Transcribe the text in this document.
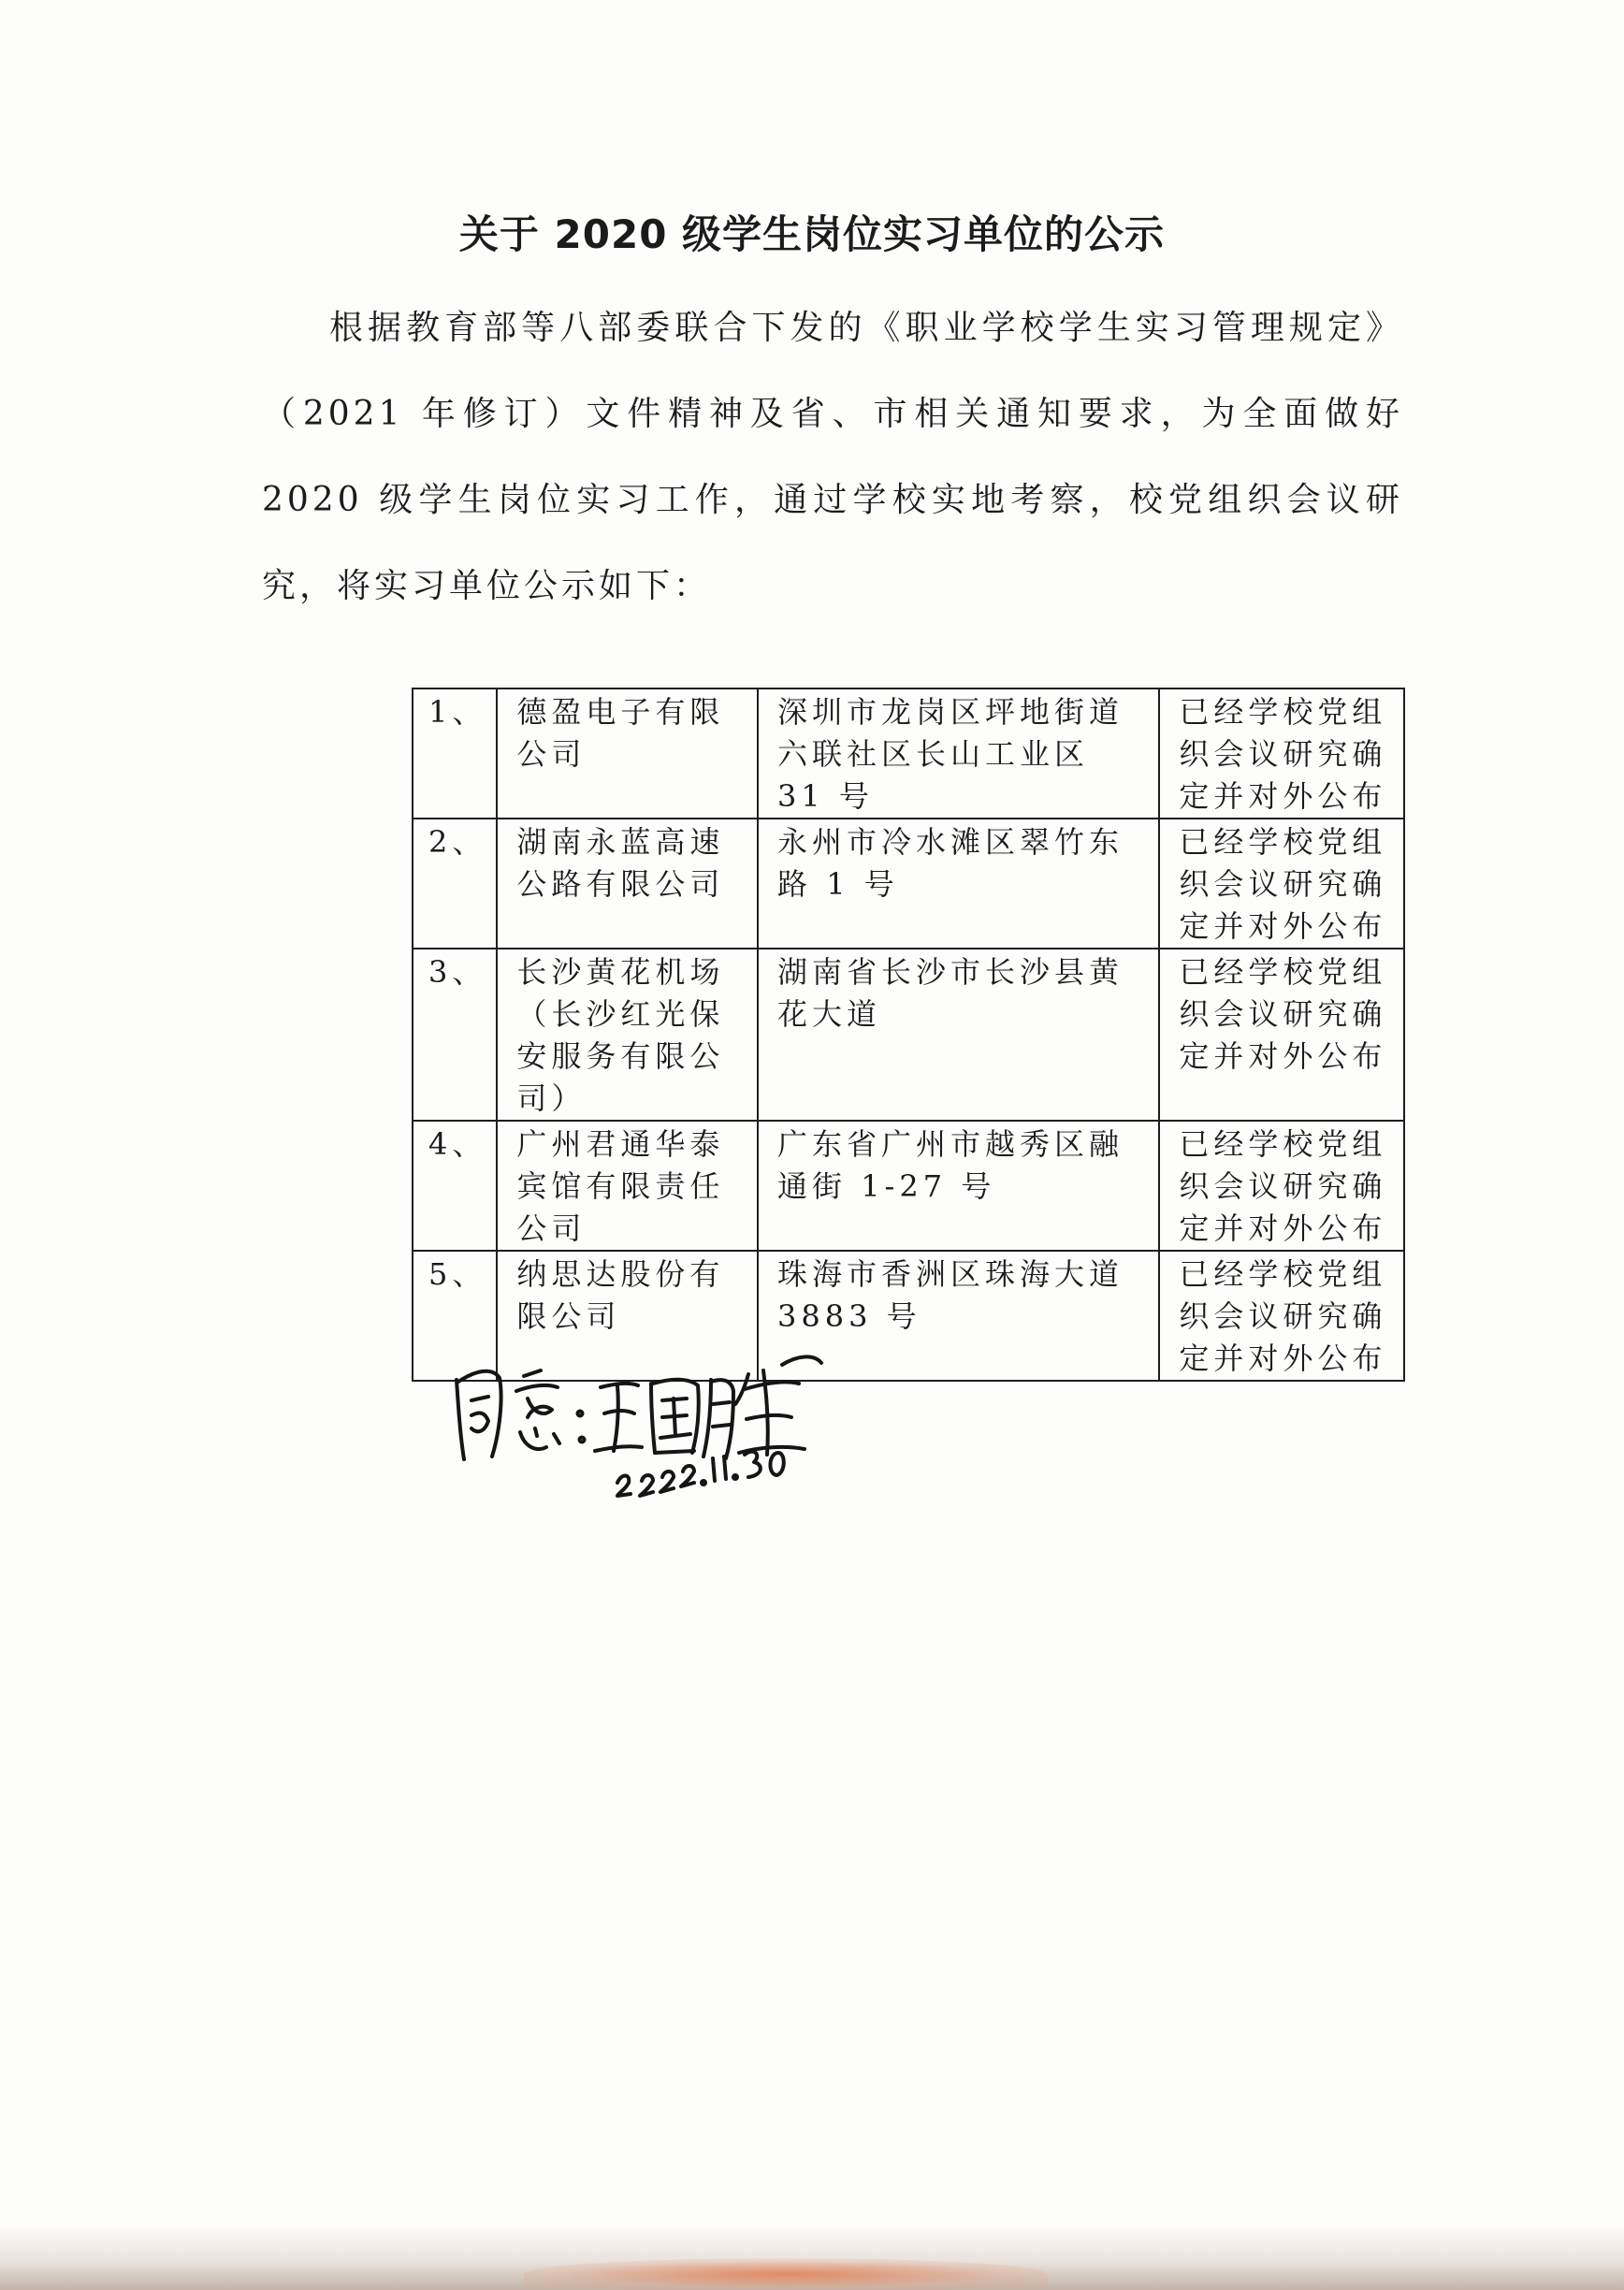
关于 2020 级学生岗位实习单位的公示

根据教育部等八部委联合下发的《职业学校学生实习管理规定》（2021 年修订）文件精神及省、市相关通知要求，为全面做好 2020 级学生岗位实习工作，通过学校实地考察，校党组织会议研究，将实习单位公示如下：

1、	德盈电子有限公司	深圳市龙岗区坪地街道六联社区长山工业区 31 号	已经学校党组织会议研究确定并对外公布
2、	湖南永蓝高速公路有限公司	永州市冷水滩区翠竹东路 1 号	已经学校党组织会议研究确定并对外公布
3、	长沙黄花机场（长沙红光保安服务有限公司）	湖南省长沙市长沙县黄花大道	已经学校党组织会议研究确定并对外公布
4、	广州君通华泰宾馆有限责任公司	广东省广州市越秀区融通街 1-27 号	已经学校党组织会议研究确定并对外公布
5、	纳思达股份有限公司	珠海市香洲区珠海大道 3883 号	已经学校党组织会议研究确定并对外公布
